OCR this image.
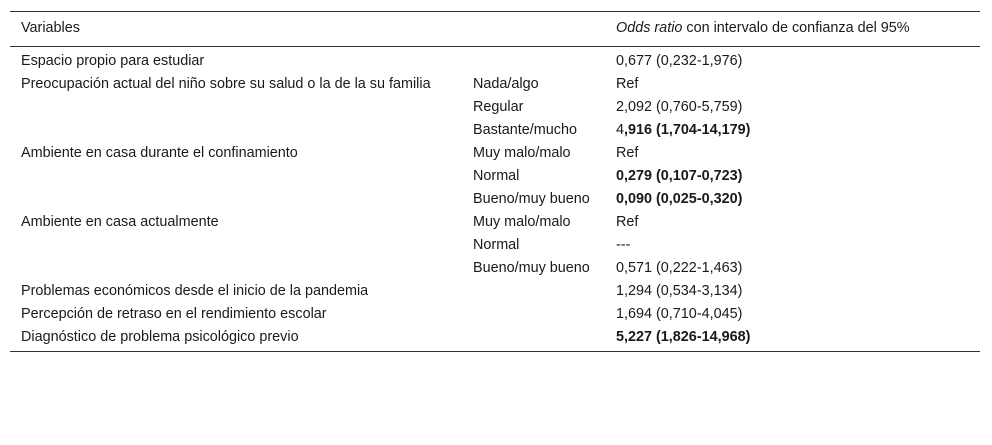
Variables		Odds ratio con intervalo de confianza del 95%
Espacio propio para estudiar		0,677 (0,232-1,976)
Preocupación actual del niño sobre su salud o la de la su familia	Nada/algo	Ref
	Regular	2,092 (0,760-5,759)
	Bastante/mucho	4,916 (1,704-14,179)
Ambiente en casa durante el confinamiento	Muy malo/malo	Ref
	Normal	0,279 (0,107-0,723)
	Bueno/muy bueno	0,090 (0,025-0,320)
Ambiente en casa actualmente	Muy malo/malo	Ref
	Normal	---
	Bueno/muy bueno	0,571 (0,222-1,463)
Problemas económicos desde el inicio de la pandemia		1,294 (0,534-3,134)
Percepción de retraso en el rendimiento escolar		1,694 (0,710-4,045)
Diagnóstico de problema psicológico previo		5,227 (1,826-14,968)
